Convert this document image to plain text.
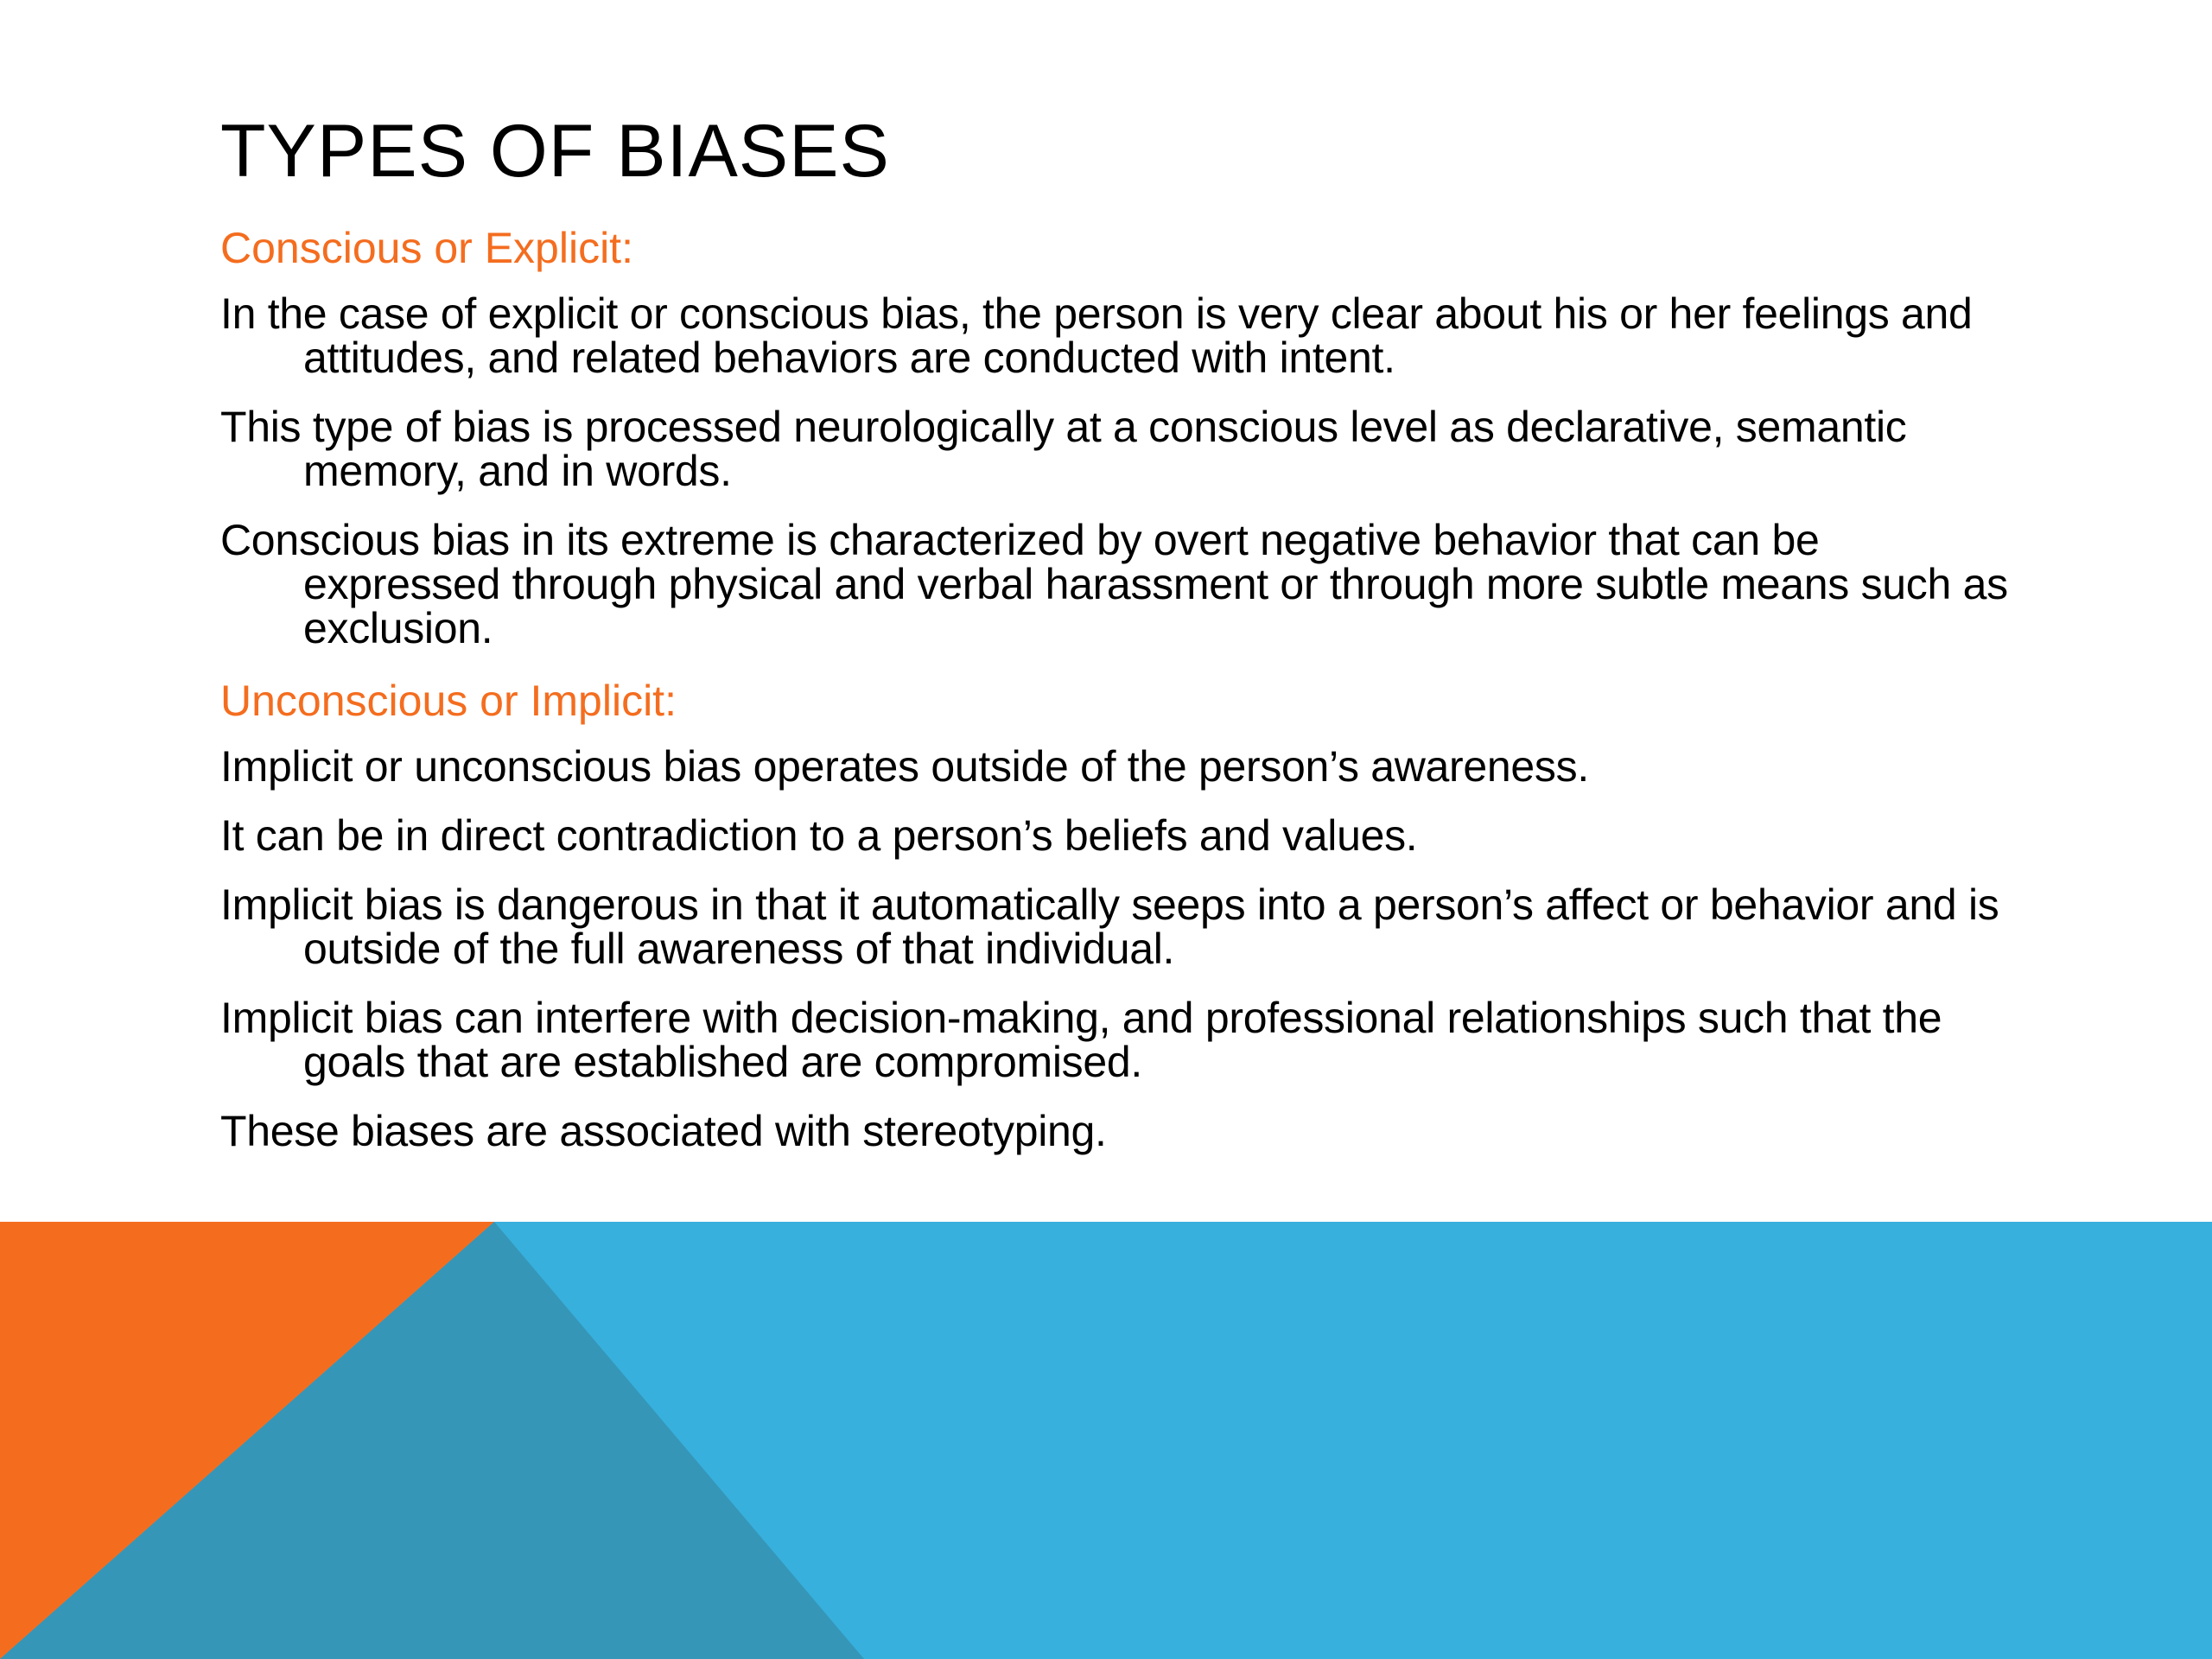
TYPES OF BIASES
Conscious or Explicit:

In the case of explicit or conscious bias, the person is very clear about his or her feelings and attitudes, and related behaviors are conducted with intent.

This type of bias is processed neurologically at a conscious level as declarative, semantic memory, and in words.

Conscious bias in its extreme is characterized by overt negative behavior that can be expressed through physical and verbal harassment or through more subtle means such as exclusion.

Unconscious or Implicit:

Implicit or unconscious bias operates outside of the person’s awareness.

It can be in direct contradiction to a person’s beliefs and values.

Implicit bias is dangerous in that it automatically seeps into a person’s affect or behavior and is outside of the full awareness of that individual.

Implicit bias can interfere with decision-making, and professional relationships such that the goals that are established are compromised.

These biases are associated with stereotyping.
